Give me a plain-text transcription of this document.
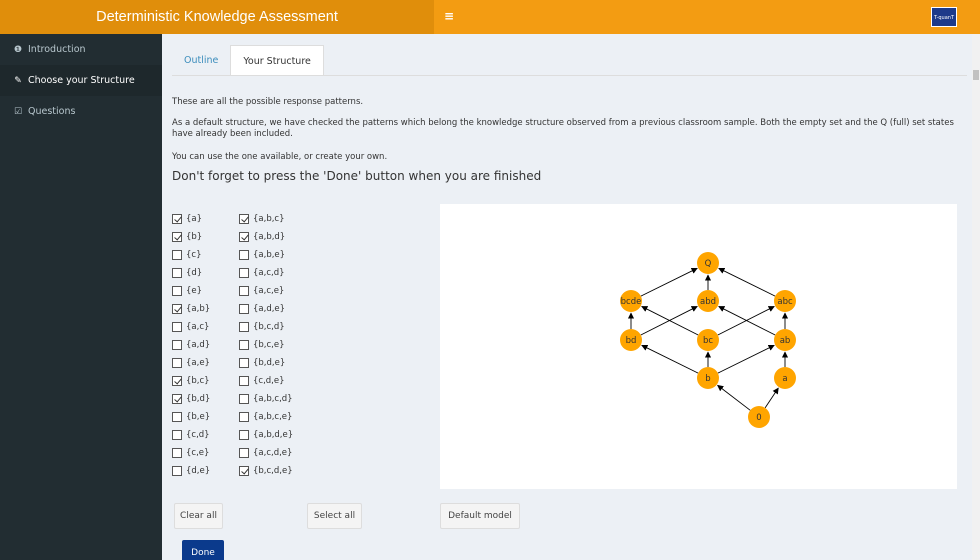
Deterministic Knowledge Assessment	≡	T-quanT
❶ Introduction
✎ Choose your Structure
☑ Questions
Outline	Your Structure
These are all the possible response patterns.
As a default structure, we have checked the patterns which belong the knowledge structure observed from a previous classroom sample. Both the empty set and the Q (full) set states have already been included.
You can use the one available, or create your own.
Don't forget to press the 'Done' button when you are finished
{a}
{b}
{c}
{d}
{e}
{a,b}
{a,c}
{a,d}
{a,e}
{b,c}
{b,d}
{b,e}
{c,d}
{c,e}
{d,e}
{a,b,c}
{a,b,d}
{a,b,e}
{a,c,d}
{a,c,e}
{a,d,e}
{b,c,d}
{b,c,e}
{b,d,e}
{c,d,e}
{a,b,c,d}
{a,b,c,e}
{a,b,d,e}
{a,c,d,e}
{b,c,d,e}
Q
bcde	abd	abc
bd	bc	ab
b	a
0
Clear all	Select all	Default model
Done
